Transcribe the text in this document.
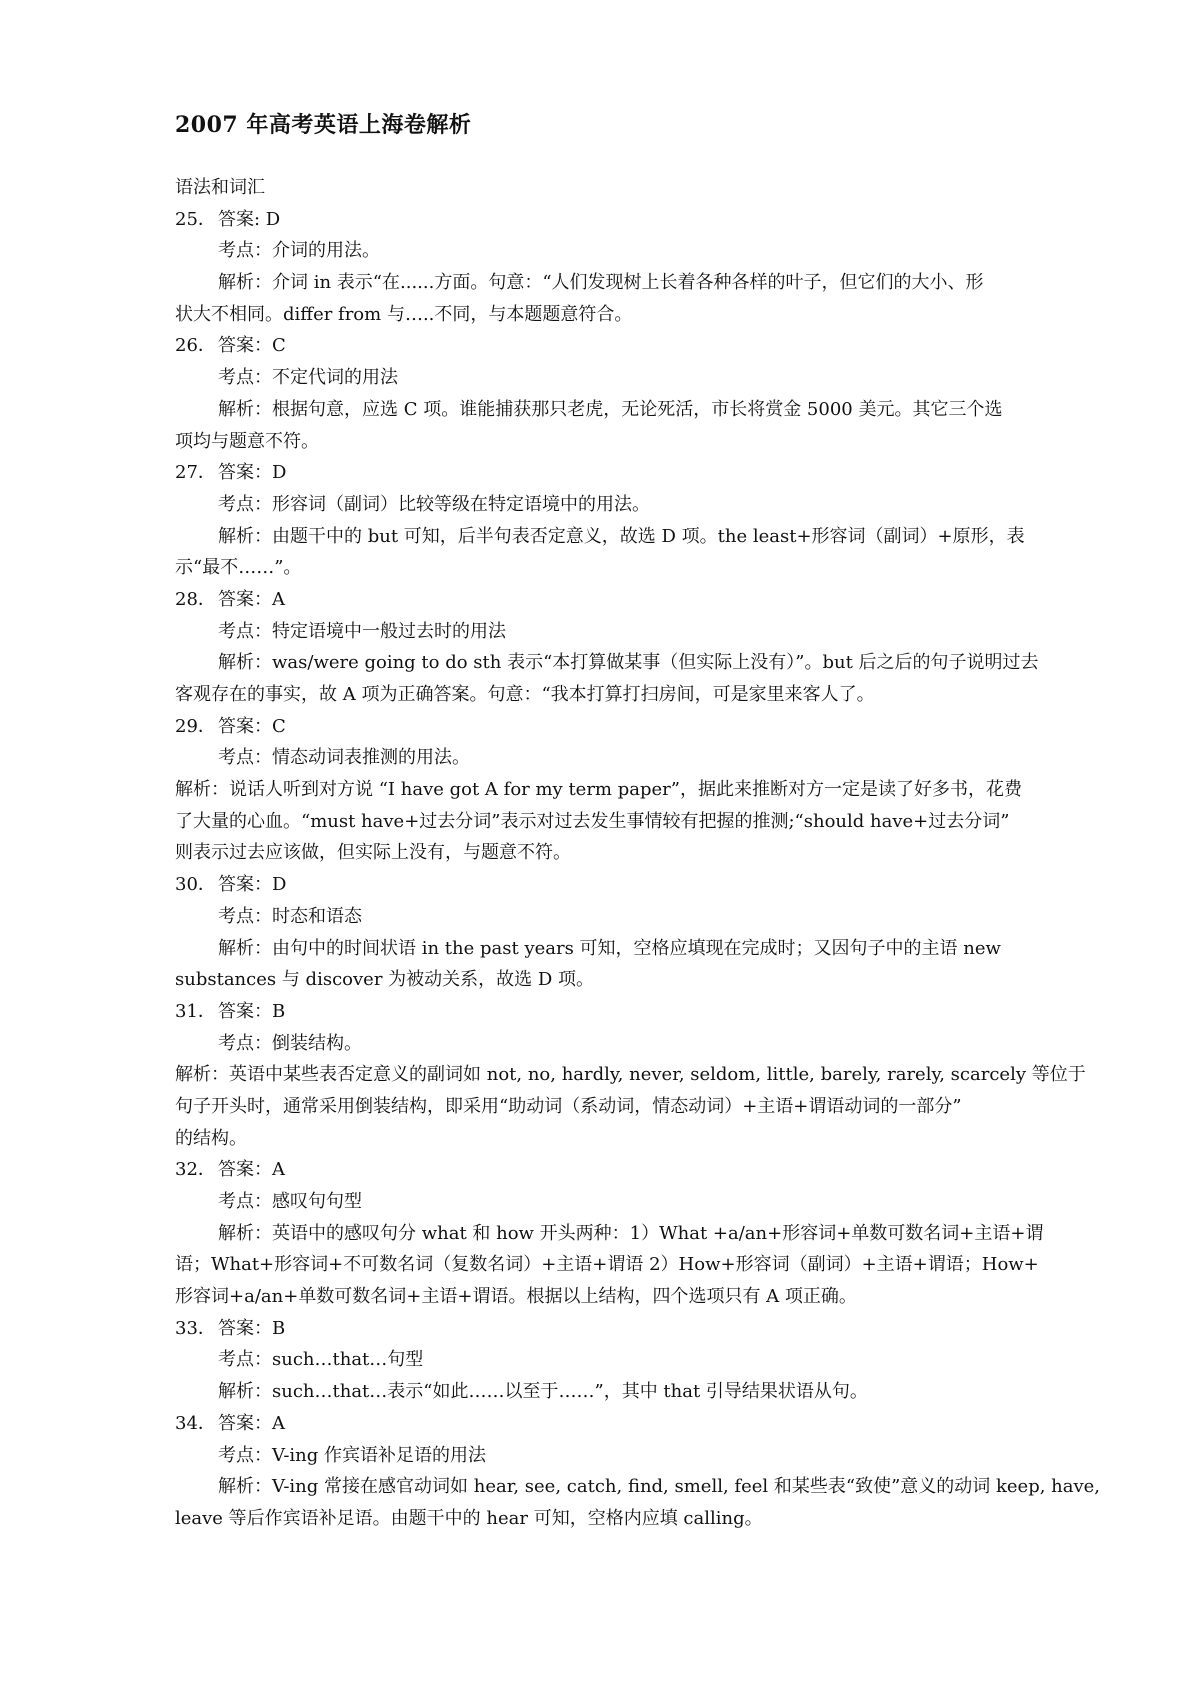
2007 年高考英语上海卷解析
语法和词汇
25． 答案: D
考点：介词的用法。
解析：介词 in 表示“在......方面。句意：“人们发现树上长着各种各样的叶子，但它们的大小、形
状大不相同。differ from 与…..不同，与本题题意符合。
26． 答案：C
考点：不定代词的用法
解析：根据句意，应选 C 项。谁能捕获那只老虎，无论死活，市长将赏金 5000 美元。其它三个选
项均与题意不符。
27． 答案：D
考点：形容词（副词）比较等级在特定语境中的用法。
解析：由题干中的 but 可知，后半句表否定意义，故选 D 项。the least+形容词（副词）+原形，表
示“最不……”。
28． 答案：A
考点：特定语境中一般过去时的用法
解析：was/were going to do sth 表示“本打算做某事（但实际上没有）”。but 后之后的句子说明过去
客观存在的事实，故 A 项为正确答案。句意：“我本打算打扫房间，可是家里来客人了。
29． 答案：C
考点：情态动词表推测的用法。
解析：说话人听到对方说 “I have got A for my term paper”，据此来推断对方一定是读了好多书，花费
了大量的心血。“must have+过去分词”表示对过去发生事情较有把握的推测;“should have+过去分词”
则表示过去应该做，但实际上没有，与题意不符。
30． 答案：D
考点：时态和语态
解析：由句中的时间状语 in the past years 可知，空格应填现在完成时；又因句子中的主语 new
substances 与 discover 为被动关系，故选 D 项。
31． 答案：B
考点：倒装结构。
解析：英语中某些表否定意义的副词如 not, no, hardly, never, seldom, little, barely, rarely, scarcely 等位于
句子开头时，通常采用倒装结构，即采用“助动词（系动词，情态动词）+主语+谓语动词的一部分”
的结构。
32． 答案：A
考点：感叹句句型
解析：英语中的感叹句分 what 和 how 开头两种：1）What +a/an+形容词+单数可数名词+主语+谓
语；What+形容词+不可数名词（复数名词）+主语+谓语 2）How+形容词（副词）+主语+谓语；How+
形容词+a/an+单数可数名词+主语+谓语。根据以上结构，四个选项只有 A 项正确。
33． 答案：B
考点：such…that…句型
解析：such…that…表示“如此……以至于……”，其中 that 引导结果状语从句。
34． 答案：A
考点：V-ing 作宾语补足语的用法
解析：V-ing 常接在感官动词如 hear, see, catch, find, smell, feel 和某些表“致使”意义的动词 keep, have,
leave 等后作宾语补足语。由题干中的 hear 可知，空格内应填 calling。
